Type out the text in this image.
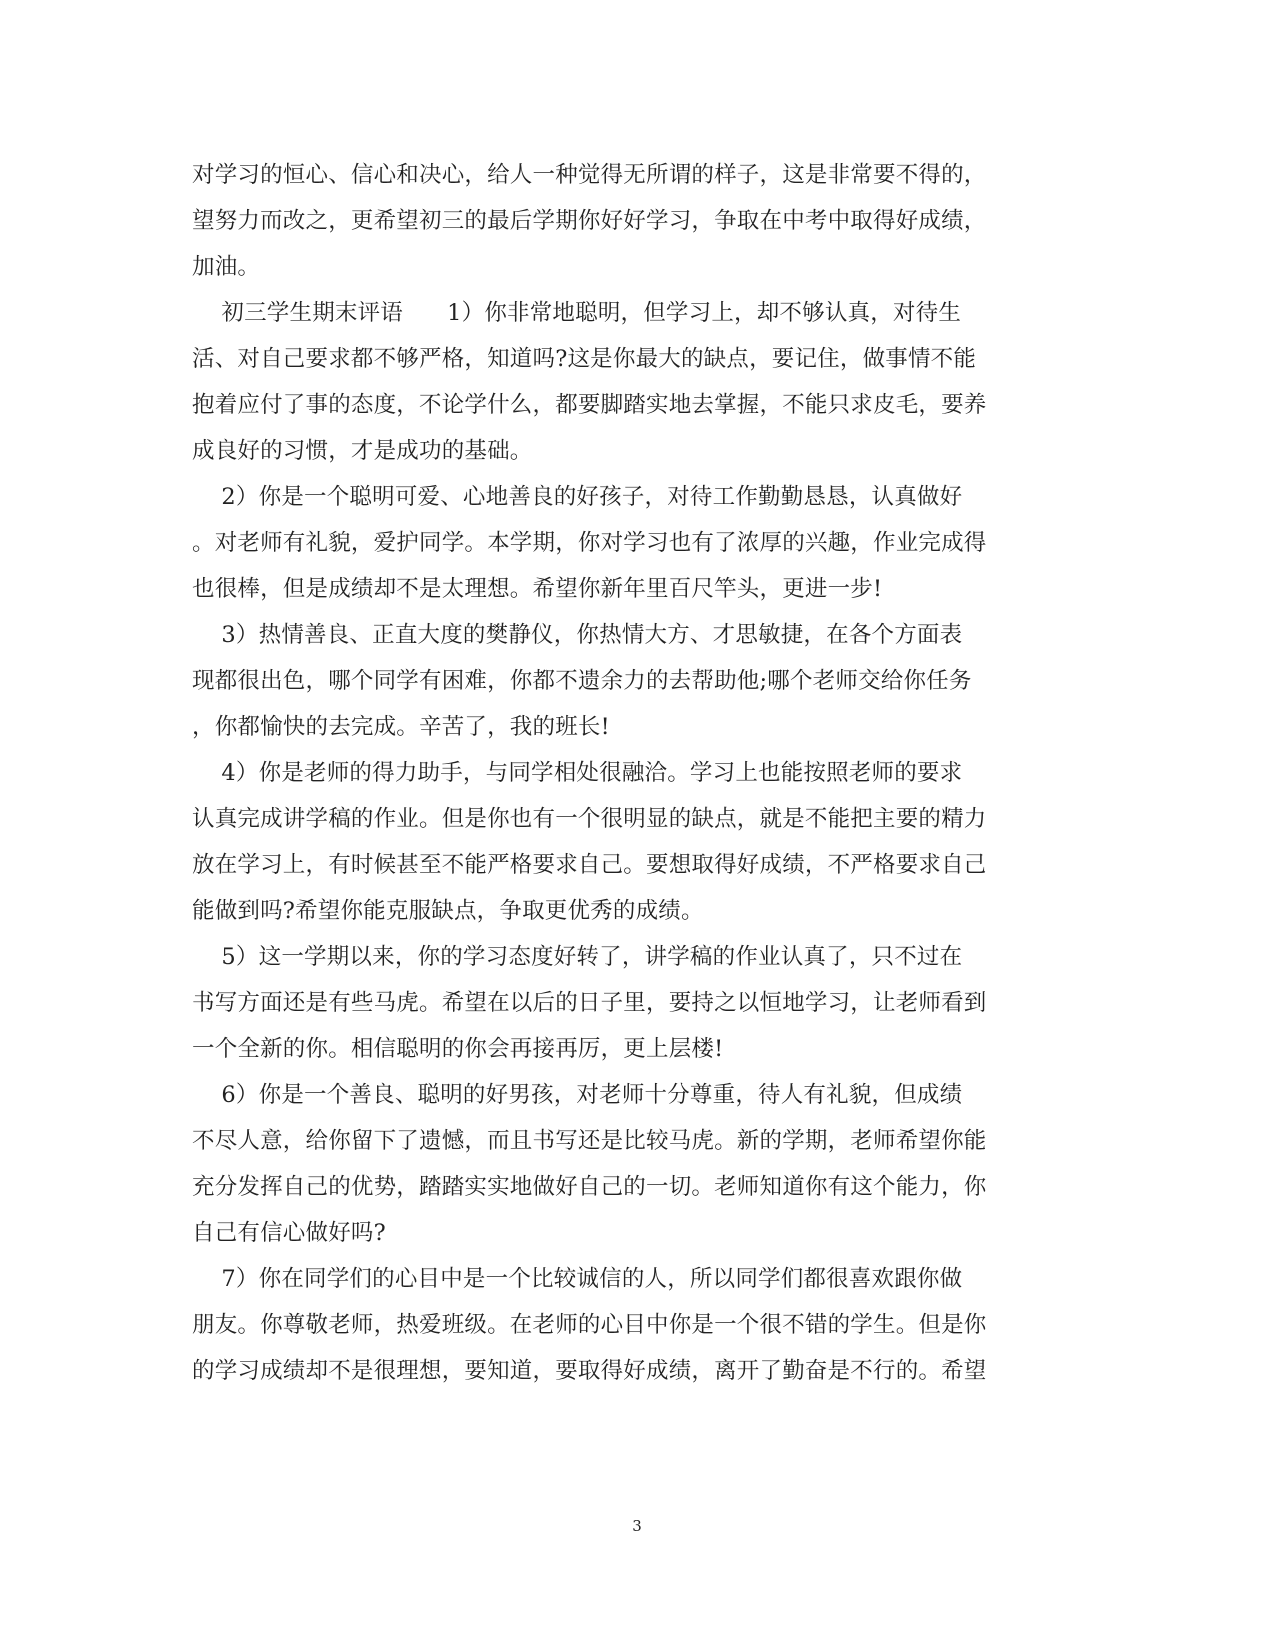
对学习的恒心、信心和决心，给人一种觉得无所谓的样子，这是非常要不得的，
望努力而改之，更希望初三的最后学期你好好学习，争取在中考中取得好成绩，
加油。
初三学生期末评语      1）你非常地聪明，但学习上，却不够认真，对待生
活、对自己要求都不够严格，知道吗?这是你最大的缺点，要记住，做事情不能
抱着应付了事的态度，不论学什么，都要脚踏实地去掌握，不能只求皮毛，要养
成良好的习惯，才是成功的基础。
2）你是一个聪明可爱、心地善良的好孩子，对待工作勤勤恳恳，认真做好
。对老师有礼貌，爱护同学。本学期，你对学习也有了浓厚的兴趣，作业完成得
也很棒，但是成绩却不是太理想。希望你新年里百尺竿头，更进一步!
3）热情善良、正直大度的樊静仪，你热情大方、才思敏捷，在各个方面表
现都很出色，哪个同学有困难，你都不遗余力的去帮助他;哪个老师交给你任务
，你都愉快的去完成。辛苦了，我的班长!
4）你是老师的得力助手，与同学相处很融洽。学习上也能按照老师的要求
认真完成讲学稿的作业。但是你也有一个很明显的缺点，就是不能把主要的精力
放在学习上，有时候甚至不能严格要求自己。要想取得好成绩，不严格要求自己
能做到吗?希望你能克服缺点，争取更优秀的成绩。
5）这一学期以来，你的学习态度好转了，讲学稿的作业认真了，只不过在
书写方面还是有些马虎。希望在以后的日子里，要持之以恒地学习，让老师看到
一个全新的你。相信聪明的你会再接再厉，更上层楼!
6）你是一个善良、聪明的好男孩，对老师十分尊重，待人有礼貌，但成绩
不尽人意，给你留下了遗憾，而且书写还是比较马虎。新的学期，老师希望你能
充分发挥自己的优势，踏踏实实地做好自己的一切。老师知道你有这个能力，你
自己有信心做好吗?
7）你在同学们的心目中是一个比较诚信的人，所以同学们都很喜欢跟你做
朋友。你尊敬老师，热爱班级。在老师的心目中你是一个很不错的学生。但是你
的学习成绩却不是很理想，要知道，要取得好成绩，离开了勤奋是不行的。希望
3
